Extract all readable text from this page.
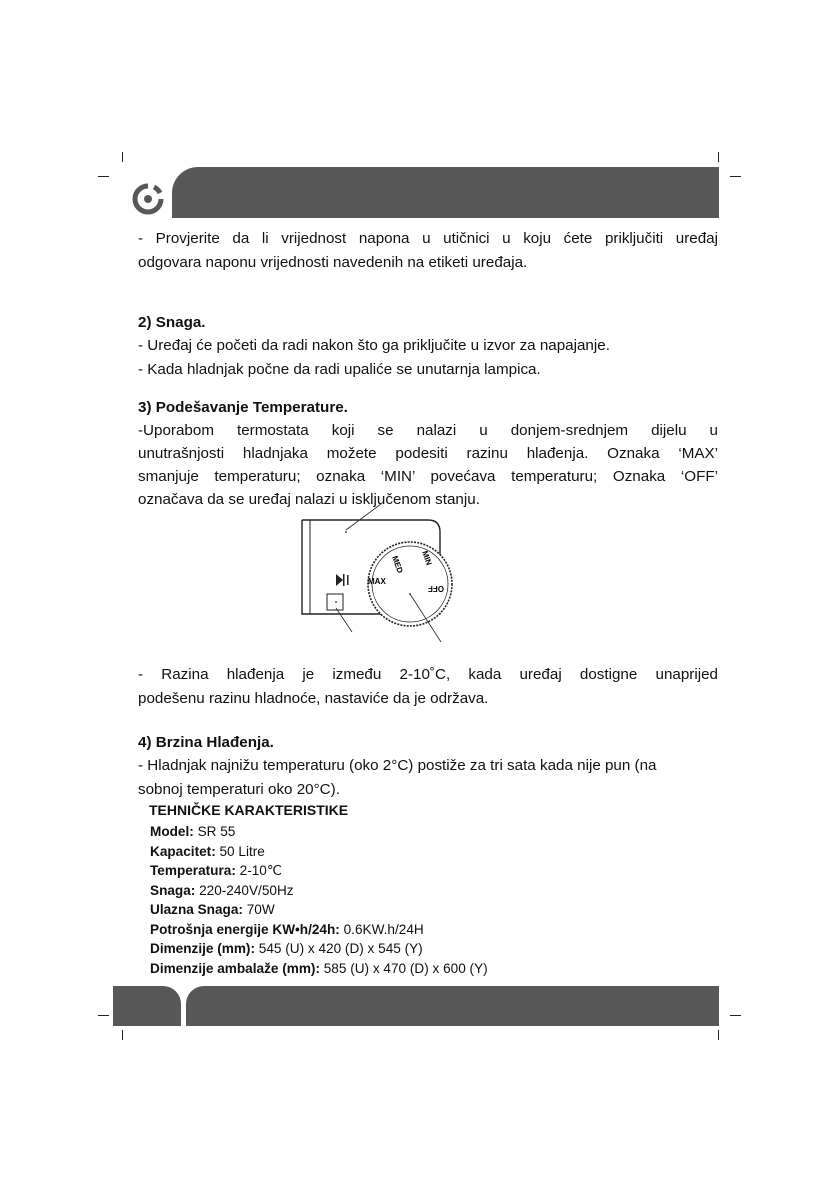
- Provjerite da li vrijednost napona u utičnici u koju ćete priključiti uređaj

odgovara naponu vrijednosti navedenih na etiketi uređaja.

2) Snaga.

- Uređaj će početi da radi nakon što ga priključite u izvor za napajanje.

- Kada hladnjak počne da radi upaliće se unutarnja lampica.

3) Podešavanje Temperature.

-Uporabom termostata koji se nalazi u donjem-srednjem dijelu u

unutrašnjosti hladnjaka možete podesiti razinu hlađenja. Oznaka ‘MAX’

smanjuje temperaturu; oznaka ‘MIN’ povećava temperaturu; Oznaka ‘OFF’

označava da se uređaj nalazi u isključenom stanju.

MAX
MED MIN
OFF

- Razina hlađenja je između 2-10˚C, kada uređaj dostigne unaprijed

podešenu razinu hladnoće, nastaviće da je održava.

4) Brzina Hlađenja.

- Hladnjak najnižu temperaturu (oko 2°C) postiže za tri sata kada nije pun (na

sobnoj temperaturi oko 20°C).

TEHNIČKE KARAKTERISTIKE
Model: SR 55
Kapacitet: 50 Litre
Temperatura: 2-10℃
Snaga: 220-240V/50Hz
Ulazna Snaga: 70W
Potrošnja energije KW•h/24h: 0.6KW.h/24H
Dimenzije (mm): 545 (U) x 420 (D) x 545 (Y)
Dimenzije ambalaže (mm): 585 (U) x 470 (D) x 600 (Y)
